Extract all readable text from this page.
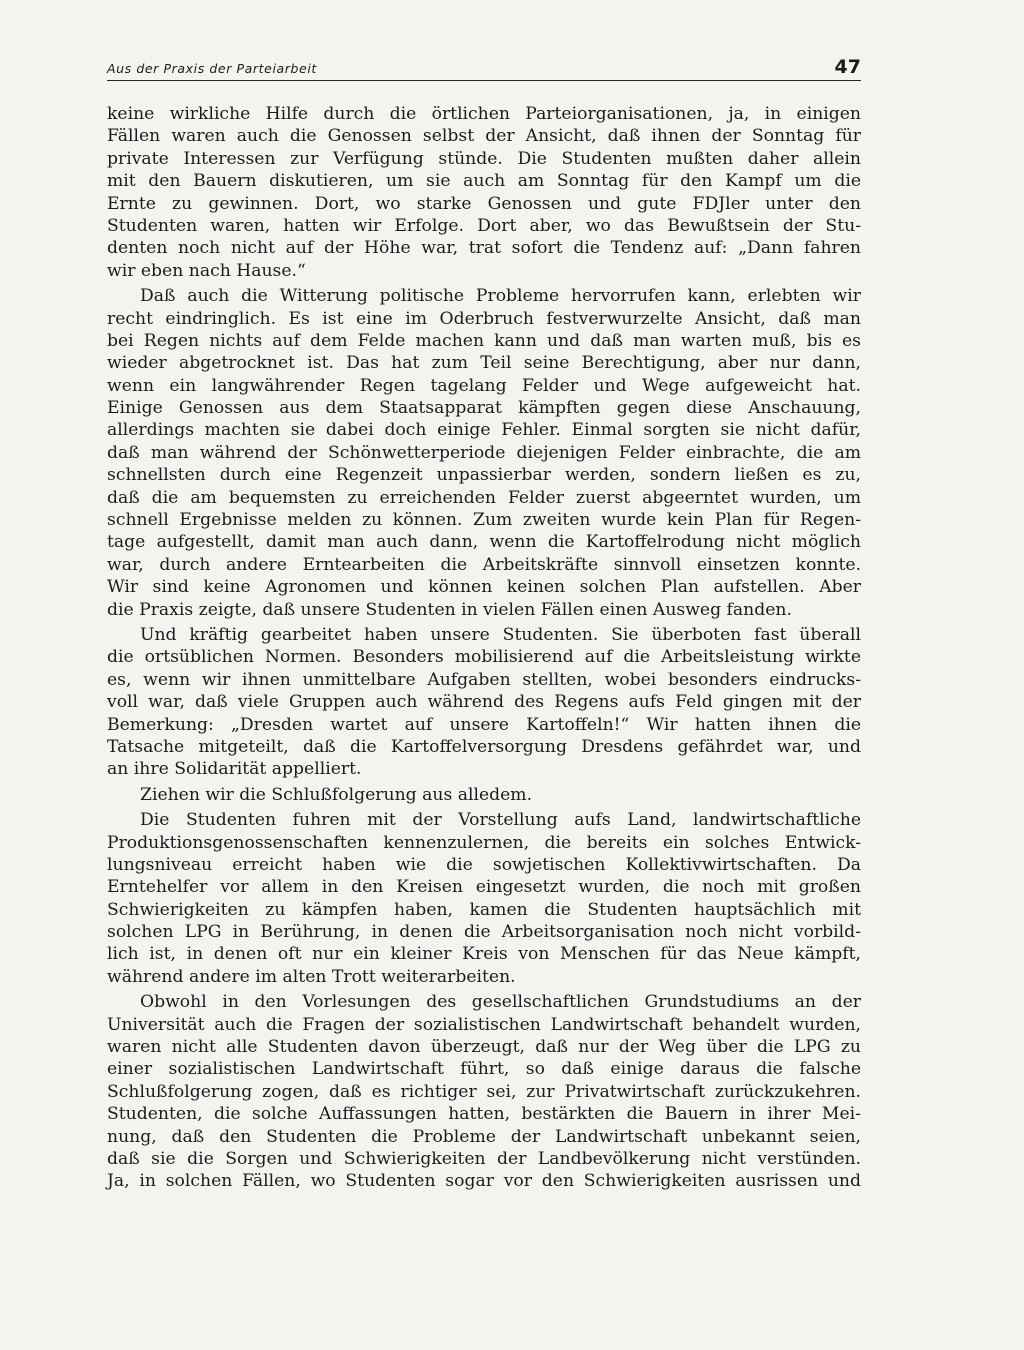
Aus der Praxis der Parteiarbeit	47
keine wirkliche Hilfe durch die örtlichen Parteiorganisationen, ja, in einigen
Fällen waren auch die Genossen selbst der Ansicht, daß ihnen der Sonntag für
private Interessen zur Verfügung stünde. Die Studenten mußten daher allein
mit den Bauern diskutieren, um sie auch am Sonntag für den Kampf um die
Ernte zu gewinnen. Dort, wo starke Genossen und gute FDJler unter den
Studenten waren, hatten wir Erfolge. Dort aber, wo das Bewußtsein der Stu-
denten noch nicht auf der Höhe war, trat sofort die Tendenz auf: „Dann fahren
wir eben nach Hause.“
Daß auch die Witterung politische Probleme hervorrufen kann, erlebten wir
recht eindringlich. Es ist eine im Oderbruch festverwurzelte Ansicht, daß man
bei Regen nichts auf dem Felde machen kann und daß man warten muß, bis es
wieder abgetrocknet ist. Das hat zum Teil seine Berechtigung, aber nur dann,
wenn ein langwährender Regen tagelang Felder und Wege aufgeweicht hat.
Einige Genossen aus dem Staatsapparat kämpften gegen diese Anschauung,
allerdings machten sie dabei doch einige Fehler. Einmal sorgten sie nicht dafür,
daß man während der Schönwetterperiode diejenigen Felder einbrachte, die am
schnellsten durch eine Regenzeit unpassierbar werden, sondern ließen es zu,
daß die am bequemsten zu erreichenden Felder zuerst abgeerntet wurden, um
schnell Ergebnisse melden zu können. Zum zweiten wurde kein Plan für Regen-
tage aufgestellt, damit man auch dann, wenn die Kartoffelrodung nicht möglich
war, durch andere Erntearbeiten die Arbeitskräfte sinnvoll einsetzen konnte.
Wir sind keine Agronomen und können keinen solchen Plan aufstellen. Aber
die Praxis zeigte, daß unsere Studenten in vielen Fällen einen Ausweg fanden.
Und kräftig gearbeitet haben unsere Studenten. Sie überboten fast überall
die ortsüblichen Normen. Besonders mobilisierend auf die Arbeitsleistung wirkte
es, wenn wir ihnen unmittelbare Aufgaben stellten, wobei besonders eindrucks-
voll war, daß viele Gruppen auch während des Regens aufs Feld gingen mit der
Bemerkung: „Dresden wartet auf unsere Kartoffeln!“ Wir hatten ihnen die
Tatsache mitgeteilt, daß die Kartoffelversorgung Dresdens gefährdet war, und
an ihre Solidarität appelliert.
Ziehen wir die Schlußfolgerung aus alledem.
Die Studenten fuhren mit der Vorstellung aufs Land, landwirtschaftliche
Produktionsgenossenschaften kennenzulernen, die bereits ein solches Entwick-
lungsniveau erreicht haben wie die sowjetischen Kollektivwirtschaften. Da
Erntehelfer vor allem in den Kreisen eingesetzt wurden, die noch mit großen
Schwierigkeiten zu kämpfen haben, kamen die Studenten hauptsächlich mit
solchen LPG in Berührung, in denen die Arbeitsorganisation noch nicht vorbild-
lich ist, in denen oft nur ein kleiner Kreis von Menschen für das Neue kämpft,
während andere im alten Trott weiterarbeiten.
Obwohl in den Vorlesungen des gesellschaftlichen Grundstudiums an der
Universität auch die Fragen der sozialistischen Landwirtschaft behandelt wurden,
waren nicht alle Studenten davon überzeugt, daß nur der Weg über die LPG zu
einer sozialistischen Landwirtschaft führt, so daß einige daraus die falsche
Schlußfolgerung zogen, daß es richtiger sei, zur Privatwirtschaft zurückzukehren.
Studenten, die solche Auffassungen hatten, bestärkten die Bauern in ihrer Mei-
nung, daß den Studenten die Probleme der Landwirtschaft unbekannt seien,
daß sie die Sorgen und Schwierigkeiten der Landbevölkerung nicht verstünden.
Ja, in solchen Fällen, wo Studenten sogar vor den Schwierigkeiten ausrissen und
